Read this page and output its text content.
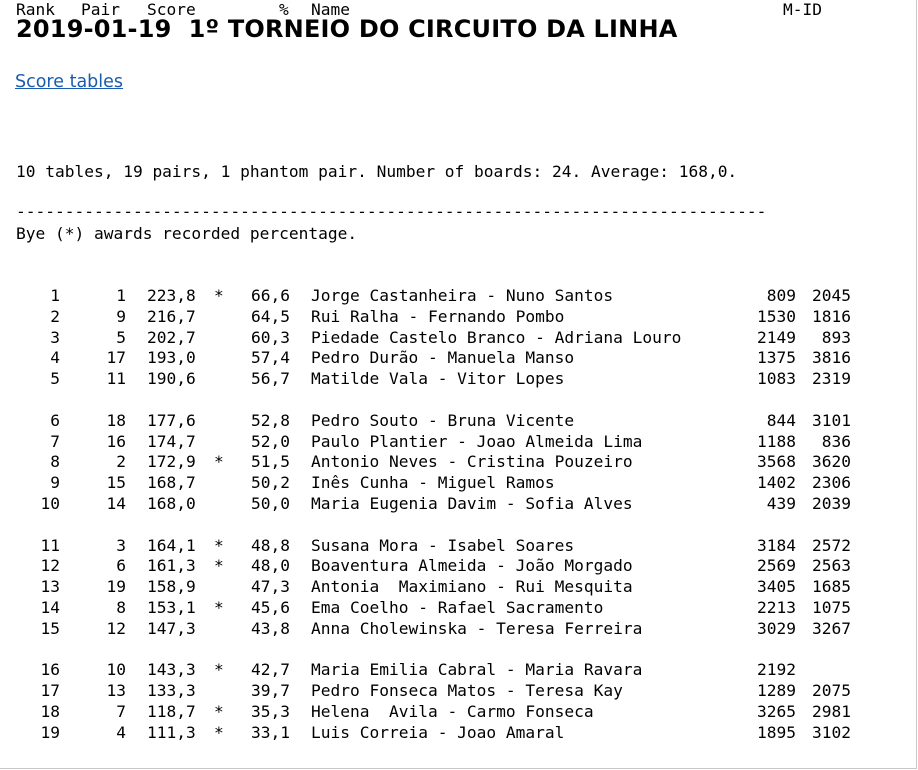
2019-01-19  1º TORNEIO DO CIRCUITO DA LINHA
Score tables

10 tables, 19 pairs, 1 phantom pair. Number of boards: 24. Average: 168,0.

Bye (*) awards recorded percentage.

-----------------------------------------------------------------------------
Rank Pair Score	% Name	M-ID
1	1 223,8 *	66,6 Jorge Castanheira - Nuno Santos	809 2045
2	9 216,7	64,5 Rui Ralha - Fernando Pombo	1530 1816
3	5 202,7	60,3 Piedade Castelo Branco - Adriana Louro	2149	893
4	17 193,0	57,4 Pedro Durão - Manuela Manso	1375 3816
5	11 190,6	56,7 Matilde Vala - Vitor Lopes	1083 2319
6	18 177,6	52,8 Pedro Souto - Bruna Vicente	844 3101
7	16 174,7	52,0 Paulo Plantier - Joao Almeida Lima	1188	836
8	2 172,9 *	51,5 Antonio Neves - Cristina Pouzeiro	3568 3620
9	15 168,7	50,2 Inês Cunha - Miguel Ramos	1402 2306
10	14 168,0	50,0 Maria Eugenia Davim - Sofia Alves	439 2039
11	3 164,1 *	48,8 Susana Mora - Isabel Soares	3184 2572
12	6 161,3 *	48,0 Boaventura Almeida - João Morgado	2569 2563
13	19 158,9	47,3 Antonia  Maximiano - Rui Mesquita	3405 1685
14	8 153,1 *	45,6 Ema Coelho - Rafael Sacramento	2213 1075
15	12 147,3	43,8 Anna Cholewinska - Teresa Ferreira	3029 3267
16	10 143,3 *	42,7 Maria Emilia Cabral - Maria Ravara	2192
17	13 133,3	39,7 Pedro Fonseca Matos - Teresa Kay	1289 2075
18	7 118,7 *	35,3 Helena  Avila - Carmo Fonseca	3265 2981
19	4 111,3 *	33,1 Luis Correia - Joao Amaral	1895 3102
